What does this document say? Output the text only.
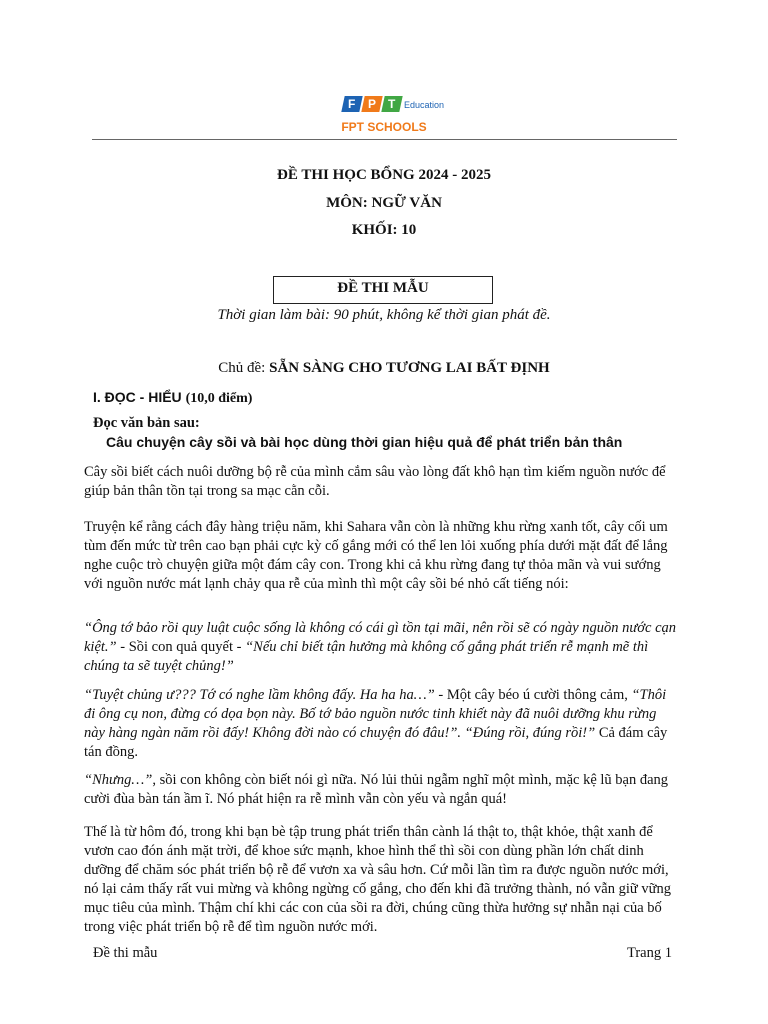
F P T Education
FPT SCHOOLS
ĐỀ THI HỌC BỔNG 2024 - 2025
MÔN: NGỮ VĂN
KHỐI: 10
ĐỀ THI MẪU
Thời gian làm bài: 90 phút, không kể thời gian phát đề.
Chủ đề: SẴN SÀNG CHO TƯƠNG LAI BẤT ĐỊNH
I. ĐỌC - HIỂU (10,0 điểm)
Đọc văn bản sau:
Câu chuyện cây sồi và bài học dùng thời gian hiệu quả để phát triển bản thân

Cây sồi biết cách nuôi dưỡng bộ rễ của mình cắm sâu vào lòng đất khô hạn tìm kiếm nguồn nước để giúp bản thân tồn tại trong sa mạc cằn cỗi.

Truyện kể rằng cách đây hàng triệu năm, khi Sahara vẫn còn là những khu rừng xanh tốt, cây cối um tùm đến mức từ trên cao bạn phải cực kỳ cố gắng mới có thể len lỏi xuống phía dưới mặt đất để lắng nghe cuộc trò chuyện giữa một đám cây con. Trong khi cả khu rừng đang tự thỏa mãn và vui sướng với nguồn nước mát lạnh chảy qua rễ của mình thì một cây sồi bé nhỏ cất tiếng nói:

“Ông tớ bảo rồi quy luật cuộc sống là không có cái gì tồn tại mãi, nên rồi sẽ có ngày nguồn nước cạn kiệt.” - Sồi con quả quyết - “Nếu chỉ biết tận hưởng mà không cố gắng phát triển rễ mạnh mẽ thì chúng ta sẽ tuyệt chủng!”

“Tuyệt chủng ư??? Tớ có nghe lầm không đấy. Ha ha ha…” - Một cây béo ú cười thông cảm, “Thôi đi ông cụ non, đừng có dọa bọn này. Bố tớ bảo nguồn nước tinh khiết này đã nuôi dưỡng khu rừng này hàng ngàn năm rồi đấy! Không đời nào có chuyện đó đâu!”. “Đúng rồi, đúng rồi!” Cả đám cây tán đồng.

“Nhưng…”, sồi con không còn biết nói gì nữa. Nó lủi thủi ngẫm nghĩ một mình, mặc kệ lũ bạn đang cười đùa bàn tán ầm ĩ. Nó phát hiện ra rễ mình vẫn còn yếu và ngắn quá!

Thế là từ hôm đó, trong khi bạn bè tập trung phát triển thân cành lá thật to, thật khỏe, thật xanh để vươn cao đón ánh mặt trời, để khoe sức mạnh, khoe hình thể thì sồi con dùng phần lớn chất dinh dưỡng để chăm sóc phát triển bộ rễ để vươn xa và sâu hơn. Cứ mỗi lần tìm ra được nguồn nước mới, nó lại cảm thấy rất vui mừng và không ngừng cố gắng, cho đến khi đã trưởng thành, nó vẫn giữ vững mục tiêu của mình. Thậm chí khi các con của sồi ra đời, chúng cũng thừa hưởng sự nhẫn nại của bố trong việc phát triển bộ rễ để tìm nguồn nước mới.

Đề thi mẫu	Trang 1
